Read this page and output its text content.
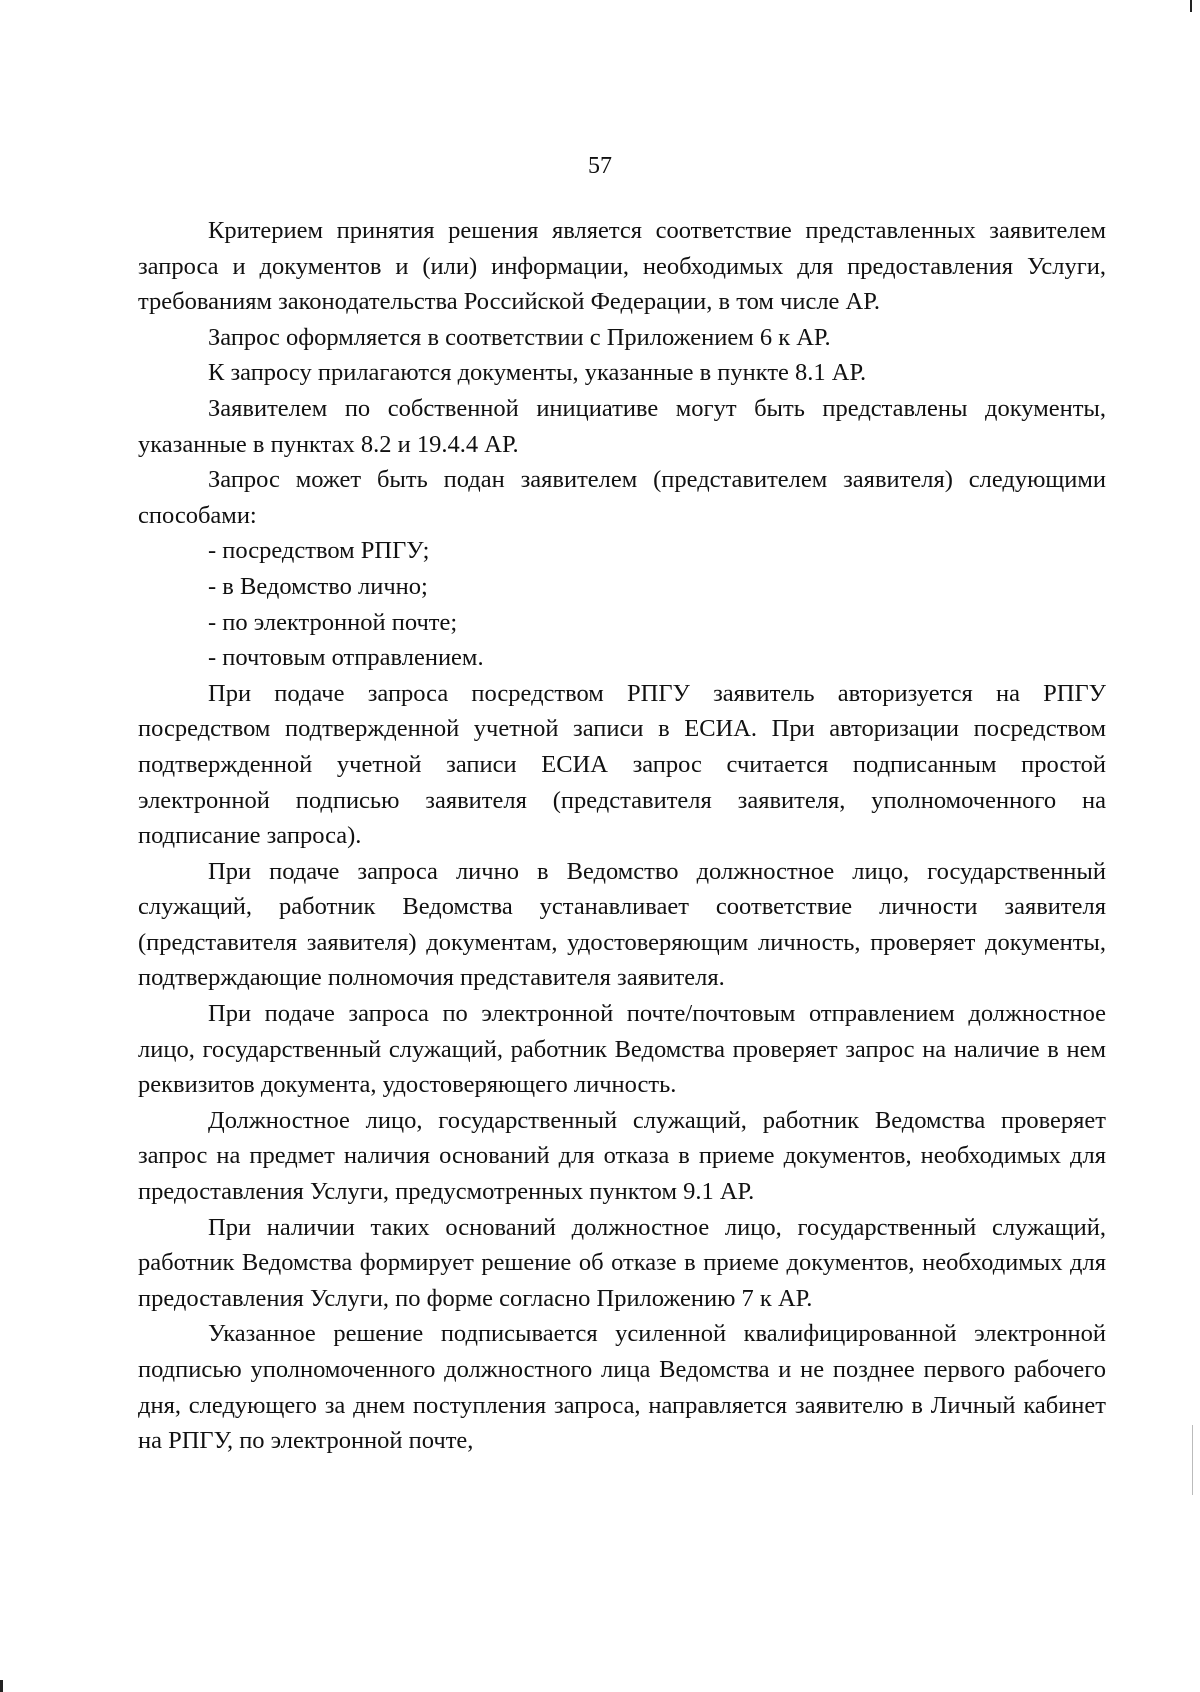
57

Критерием принятия решения является соответствие представленных заявителем запроса и документов и (или) информации, необходимых для предоставления Услуги, требованиям законодательства Российской Федерации, в том числе АР.

Запрос оформляется в соответствии с Приложением 6 к АР.

К запросу прилагаются документы, указанные в пункте 8.1 АР.

Заявителем по собственной инициативе могут быть представлены документы, указанные в пунктах 8.2 и 19.4.4 АР.

Запрос может быть подан заявителем (представителем заявителя) следующими способами:

- посредством РПГУ;

- в Ведомство лично;

- по электронной почте;

- почтовым отправлением.

При подаче запроса посредством РПГУ заявитель авторизуется на РПГУ посредством подтвержденной учетной записи в ЕСИА. При авторизации посредством подтвержденной учетной записи ЕСИА запрос считается подписанным простой электронной подписью заявителя (представителя заявителя, уполномоченного на подписание запроса).

При подаче запроса лично в Ведомство должностное лицо, государственный служащий, работник Ведомства устанавливает соответствие личности заявителя (представителя заявителя) документам, удостоверяющим личность, проверяет документы, подтверждающие полномочия представителя заявителя.

При подаче запроса по электронной почте/почтовым отправлением должностное лицо, государственный служащий, работник Ведомства проверяет запрос на наличие в нем реквизитов документа, удостоверяющего личность.

Должностное лицо, государственный служащий, работник Ведомства проверяет запрос на предмет наличия оснований для отказа в приеме документов, необходимых для предоставления Услуги, предусмотренных пунктом 9.1 АР.

При наличии таких оснований должностное лицо, государственный служащий, работник Ведомства формирует решение об отказе в приеме документов, необходимых для предоставления Услуги, по форме согласно Приложению 7 к АР.

Указанное решение подписывается усиленной квалифицированной электронной подписью уполномоченного должностного лица Ведомства и не позднее первого рабочего дня, следующего за днем поступления запроса, направляется заявителю в Личный кабинет на РПГУ, по электронной почте,
